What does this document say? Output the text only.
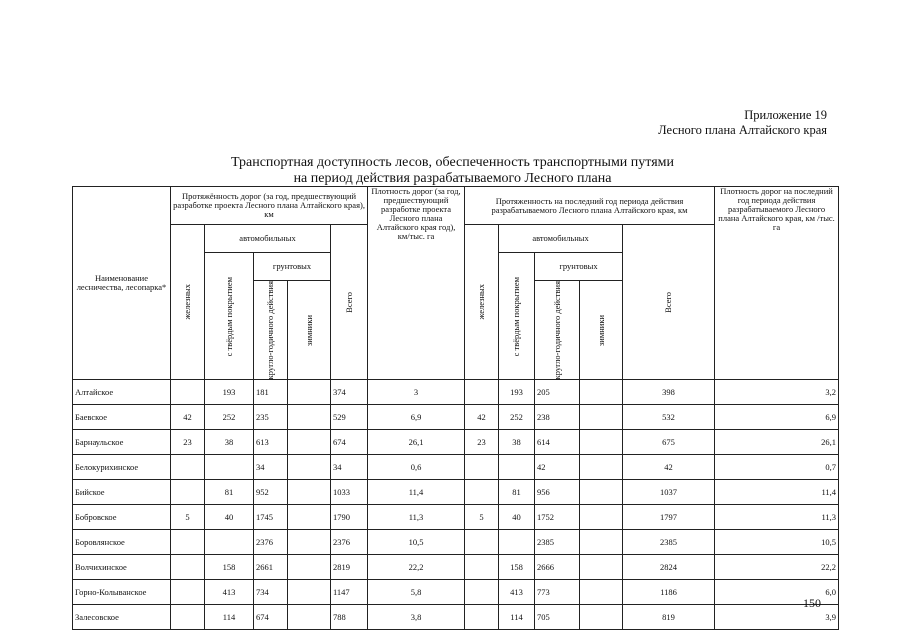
Приложение 19
Лесного плана Алтайского края
Транспортная доступность лесов, обеспеченность транспортными путями
на период действия разрабатываемого Лесного плана
Наименование лесничества, лесопарка*	Протяжённость дорог (за год, предшествующий разработке проекта Лесного плана Алтайского края), км					Плотность дорог (за год, предшествующий разработке проекта Лесного плана Алтайского края год), км/тыс. га	Протяженность на последний год периода действия разрабатываемого Лесного плана Алтайского края, км					Плотность дорог на последний год периода действия разрабатываемого Лесного плана Алтайского края, км /тыс. га

	железных	автомобильных			Всего		железных	автомобильных			Всего	

		с твёрдым покрытием	грунтовых					с твёрдым покрытием	грунтовых			

			кругло-годичного действия	зимники					кругло-годичного действия	зимники		

Алтайское		193	181		374	3		193	205		398	3,2
Баевское	42	252	235		529	6,9	42	252	238		532	6,9
Барнаульское	23	38	613		674	26,1	23	38	614		675	26,1
Белокурихинское			34		34	0,6			42		42	0,7
Бийское		81	952		1033	11,4		81	956		1037	11,4
Бобровское	5	40	1745		1790	11,3	5	40	1752		1797	11,3
Боровлянское			2376		2376	10,5			2385		2385	10,5
Волчихинское		158	2661		2819	22,2		158	2666		2824	22,2
Горно-Колыванское		413	734		1147	5,8		413	773		1186	6,0
Залесовское		114	674		788	3,8		114	705		819	3,9
150
